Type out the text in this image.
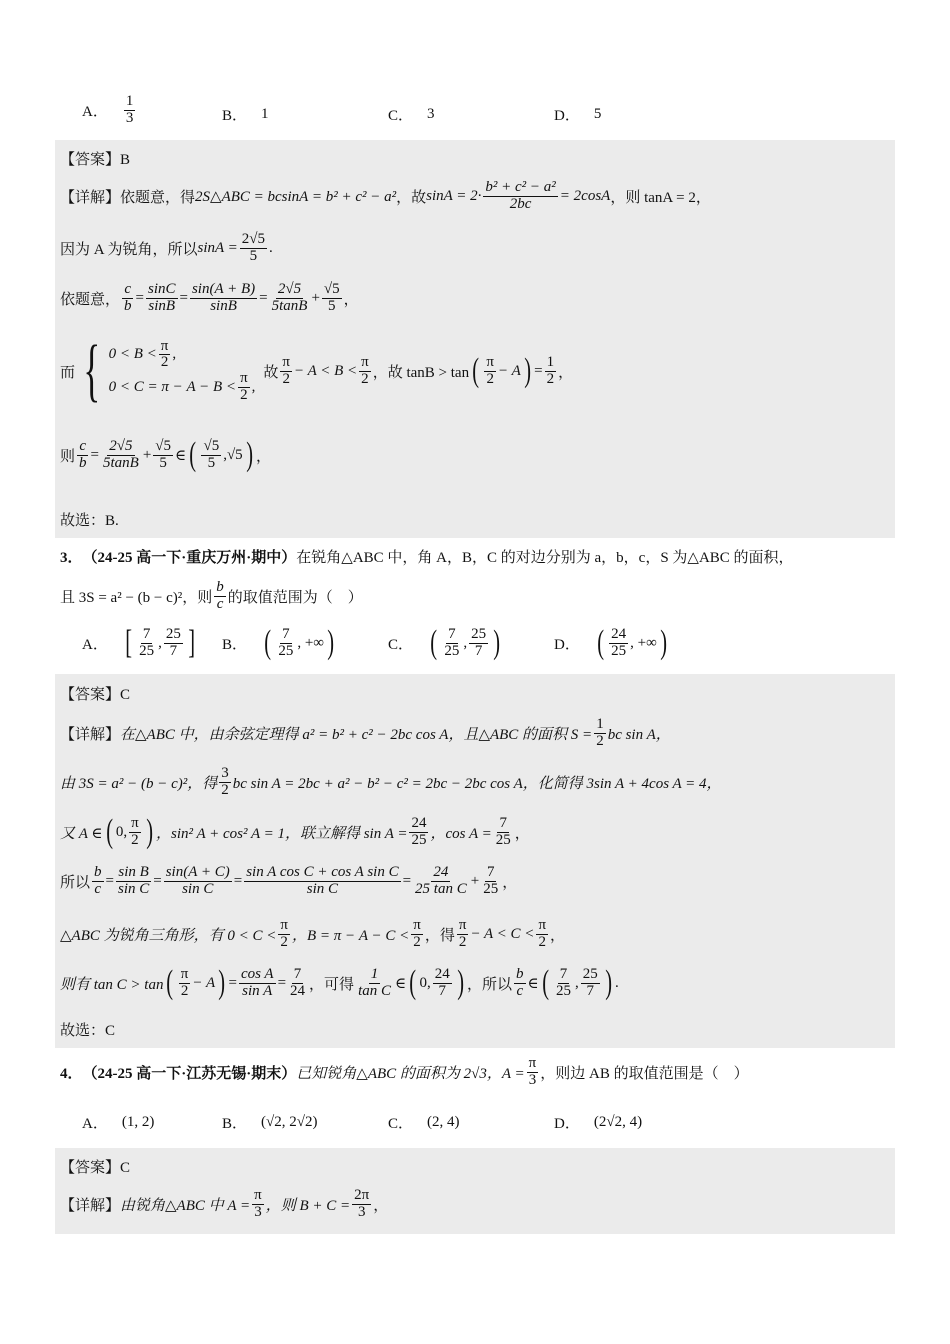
A． $\frac{1}{3}$	B． 1	C． 3	D． 5
【答案】B
【详解】 依题意，得 2S△ABC = bcsinA = b² + c² − a² ，故 $\sin A = 2\cdot \frac{\text{b² + c² − a²}}{2bc} = 2\cos A$ ，则 tanA = 2，
因为 A 为锐角，所以 $\sin A = \frac{2√5}{5}$ .
依题意， $\frac{c}{b} = \frac{\sin C}{\sin B} = \frac{\sin(A + B)}{\sin B} = \frac{2√5}{5\tan B} + \frac{√5}{5}$ ，
而 { $0 < B < \frac{\pi}{2}$ ,
$0 < C = \pi - A - B < \frac{\pi}{2}$ ,
故 $\frac{\pi}{2} - A < B < \frac{\pi}{2}$ ，故 tanB > tan ( $\frac{\pi}{2} - A$ ) = $\frac{1}{2}$ ，
则 $\frac{c}{b} = \frac{2√5}{5\tan B} + \frac{√5}{5}$ ∈ ( $\frac{√5}{5}$ , √5 ) ，
故选：B.
3． （24-25 高一下·重庆万州·期中） 在锐角△ABC 中，角 A，B，C 的对边分别为 a，b，c，S 为△ABC 的面积，
且 3S = a² − (b − c)²，则 $\frac{b}{c}$ 的取值范围为（　）
A． [ $\frac{7}{25}$ , $\frac{25}{7}$ ] B． ( $\frac{7}{25}$ , +∞ )	C． ( $\frac{7}{25}$ , $\frac{25}{7}$ )	D． ( $\frac{24}{25}$ , +∞ )
【答案】C
【详解】 在△ABC 中，由余弦定理得 a² = b² + c² − 2bc cos A，且△ABC 的面积 $S = \frac{1}{2}$ bc sin A，
由 3S = a² − (b − c)²，得 $\frac{3}{2}$ bc sin A = 2bc + a² − b² − c² = 2bc − 2bc cos A，化简得 3sin A + 4cos A = 4，
又 A ∈ ( 0, $\frac{\pi}{2}$ ) ，sin² A + cos² A = 1，联立解得 $\sin A = \frac{24}{25}$ ，$\cos A = \frac{7}{25}$ ，
所以 $\frac{b}{c} = \frac{\text{sin B}}{\text{sin C}} = \frac{\sin(A + C)}{\text{sin C}} = \frac{\text{sin A cos C + cos A sin C}}{\text{sin C}} = \frac{24}{\text{25 tan C}} + \frac{7}{25}$ ，
△ABC 为锐角三角形，有 $0 < C < \frac{\pi}{2}$ ，$B = \pi - A - C < \frac{\pi}{2}$ ，得 $\frac{\pi}{2} - A < C < \frac{\pi}{2}$ ，
则有 tan C > tan ( $\frac{\pi}{2} - A$ ) = $\frac{\text{cos A}}{\text{sin A}} = \frac{7}{24}$ ，可得 $\frac{1}{\text{tan C}}$ ∈ ( 0, $\frac{24}{7}$ ) ，所以 $\frac{b}{c}$ ∈ ( $\frac{7}{25}$ , $\frac{25}{7}$ ) .
故选：C
4． （24-25 高一下·江苏无锡·期末） 已知锐角△ABC 的面积为 2√3，$A = \frac{\pi}{3}$ ，则边 AB 的取值范围是（　）
A． (1, 2)	B． (√2, 2√2)	C． (2, 4)	D． (2√2, 4)
【答案】C
【详解】 由锐角△ABC 中 $A = \frac{\pi}{3}$ ，则 $B + C = \frac{2\pi}{3}$ ，
